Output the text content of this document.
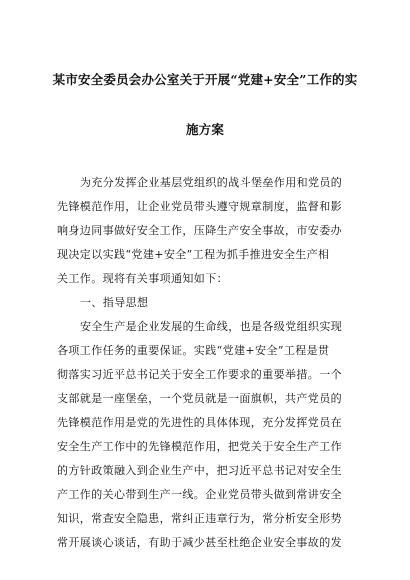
某市安全委员会办公室关于开展“党建+安全”工作的实
施方案
为充分发挥企业基层党组织的战斗堡垒作用和党员的
先锋模范作用，让企业党员带头遵守规章制度，监督和影
响身边同事做好安全工作，压降生产安全事故，市安委办
现决定以实践“党建+安全”工程为抓手推进安全生产相
关工作。现将有关事项通知如下：
一、指导思想
安全生产是企业发展的生命线，也是各级党组织实现
各项工作任务的重要保证。实践“党建+安全”工程是贯
彻落实习近平总书记关于安全工作要求的重要举措。一个
支部就是一座堡垒，一个党员就是一面旗帜，共产党员的
先锋模范作用是党的先进性的具体体现，充分发挥党员在
安全生产工作中的先锋模范作用，把党关于安全生产工作
的方针政策融入到企业生产中，把习近平总书记对安全生
产工作的关心带到生产一线。企业党员带头做到常讲安全
知识，常查安全隐患，常纠正违章行为，常分析安全形势
常开展谈心谈话，有助于减少甚至杜绝企业安全事故的发
